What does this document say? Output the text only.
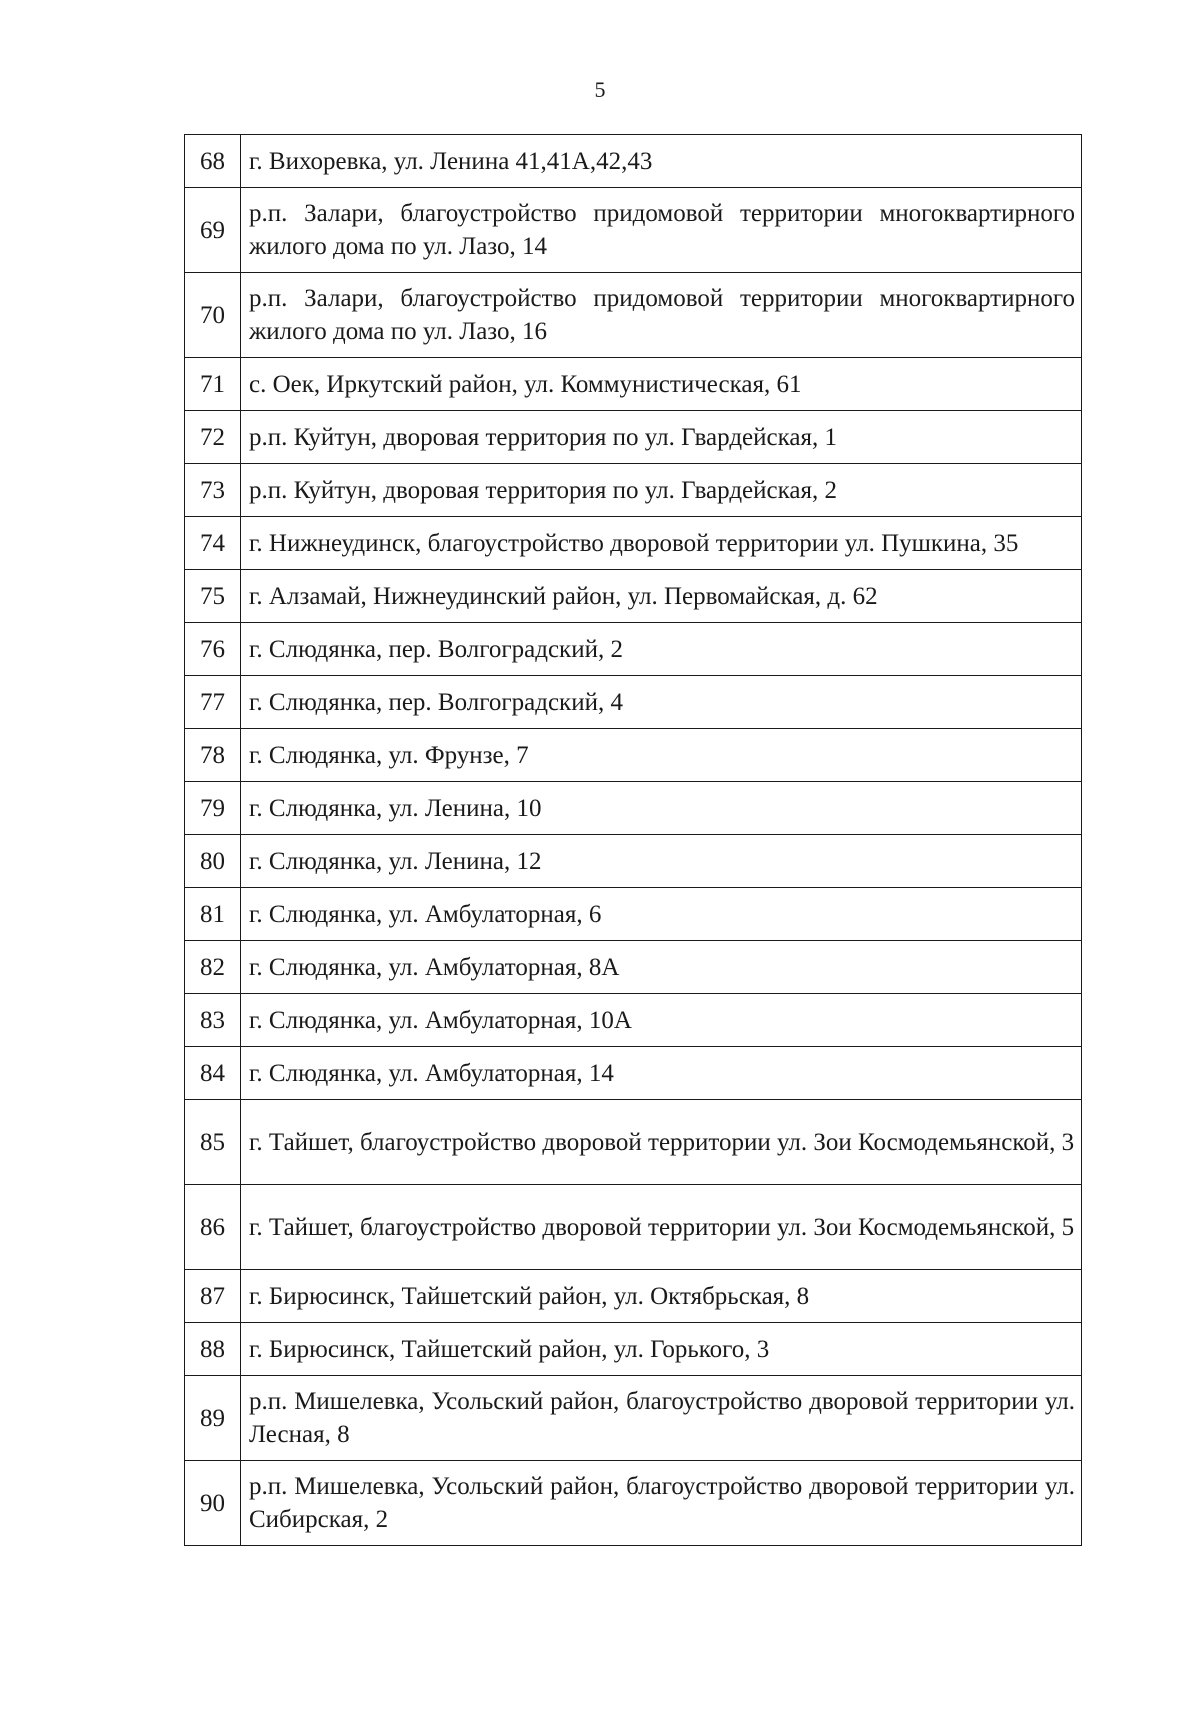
5
68	г. Вихоревка, ул. Ленина 41,41А,42,43
69	р.п. Залари, благоустройство придомовой территории многоквартирного жилого дома по ул. Лазо, 14
70	р.п. Залари, благоустройство придомовой территории многоквартирного жилого дома по ул. Лазо, 16
71	с. Оек, Иркутский район, ул. Коммунистическая, 61
72	р.п. Куйтун, дворовая территория по ул. Гвардейская, 1
73	р.п. Куйтун, дворовая территория по ул. Гвардейская, 2
74	г. Нижнеудинск, благоустройство дворовой территории ул. Пушкина, 35
75	г. Алзамай, Нижнеудинский район, ул. Первомайская, д. 62
76	г. Слюдянка, пер. Волгоградский, 2
77	г. Слюдянка, пер. Волгоградский, 4
78	г. Слюдянка, ул. Фрунзе, 7
79	г. Слюдянка, ул. Ленина, 10
80	г. Слюдянка, ул. Ленина, 12
81	г. Слюдянка, ул. Амбулаторная, 6
82	г. Слюдянка, ул. Амбулаторная, 8А
83	г. Слюдянка, ул. Амбулаторная, 10А
84	г. Слюдянка, ул. Амбулаторная, 14
85	г. Тайшет, благоустройство дворовой территории ул. Зои Космодемьянской, 3
86	г. Тайшет, благоустройство дворовой территории ул. Зои Космодемьянской, 5
87	г. Бирюсинск, Тайшетский район, ул. Октябрьская, 8
88	г. Бирюсинск, Тайшетский район, ул. Горького, 3
89	р.п. Мишелевка, Усольский район, благоустройство дворовой территории ул. Лесная, 8
90	р.п. Мишелевка, Усольский район, благоустройство дворовой территории ул. Сибирская, 2
